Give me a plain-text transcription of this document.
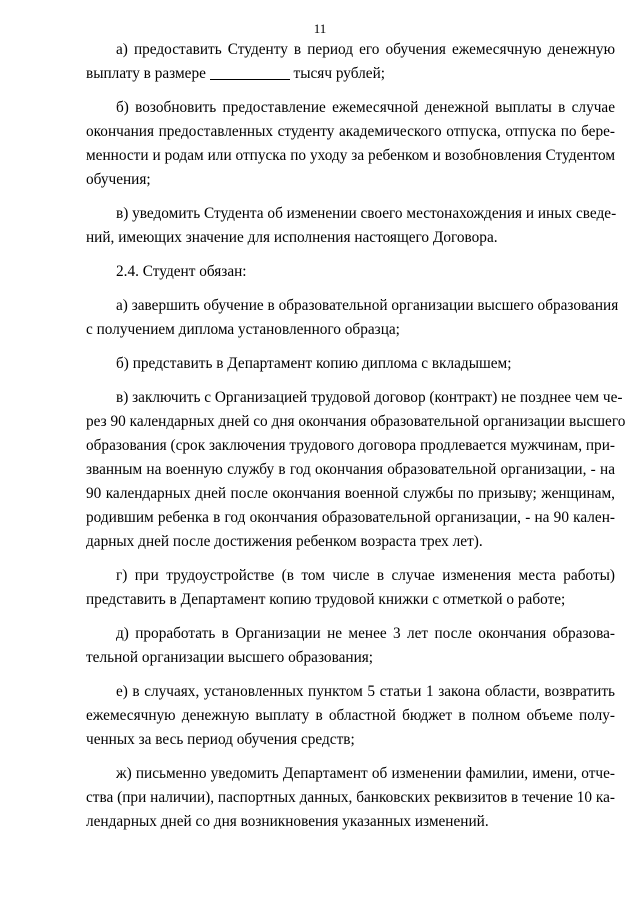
11
а) предоставить Студенту в период его обучения ежемесячную денежную
выплату в размере	тысяч рублей;
б) возобновить предоставление ежемесячной денежной выплаты в случае
окончания предоставленных студенту академического отпуска, отпуска по бере-
менности и родам или отпуска по уходу за ребенком и возобновления Студентом
обучения;
в) уведомить Студента об изменении своего местонахождения и иных сведе-
ний, имеющих значение для исполнения настоящего Договора.
2.4. Студент обязан:
а) завершить обучение в образовательной организации высшего образования
с получением диплома установленного образца;
б) представить в Департамент копию диплома с вкладышем;
в) заключить с Организацией трудовой договор (контракт) не позднее чем че-
рез 90 календарных дней со дня окончания образовательной организации высшего
образования (срок заключения трудового договора продлевается мужчинам, при-
званным на военную службу в год окончания образовательной организации, - на
90 календарных дней после окончания военной службы по призыву; женщинам,
родившим ребенка в год окончания образовательной организации, - на 90 кален-
дарных дней после достижения ребенком возраста трех лет).
г) при трудоустройстве (в том числе в случае изменения места работы)
представить в Департамент копию трудовой книжки с отметкой о работе;
д) проработать в Организации не менее 3 лет после окончания образова-
тельной организации высшего образования;
е) в случаях, установленных пунктом 5 статьи 1 закона области, возвратить
ежемесячную денежную выплату в областной бюджет в полном объеме полу-
ченных за весь период обучения средств;
ж) письменно уведомить Департамент об изменении фамилии, имени, отче-
ства (при наличии), паспортных данных, банковских реквизитов в течение 10 ка-
лендарных дней со дня возникновения указанных изменений.
